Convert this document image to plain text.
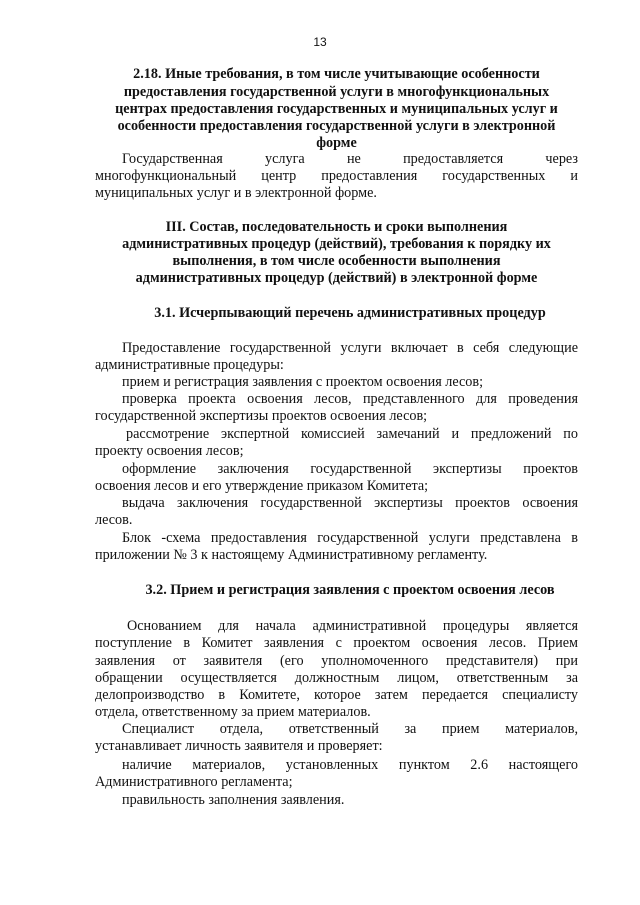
13
2.18. Иные требования, в том числе учитывающие особенности
предоставления государственной услуги в многофункциональных
центрах предоставления государственных и муниципальных услуг и
особенности предоставления государственной услуги в электронной
форме
Государственная услуга не предоставляется через
многофункциональный центр предоставления государственных и
муниципальных услуг и в электронной форме.
III. Состав, последовательность и сроки выполнения
административных процедур (действий), требования к порядку их
выполнения, в том числе особенности выполнения
административных процедур (действий) в электронной форме
3.1. Исчерпывающий перечень административных процедур
Предоставление государственной услуги включает в себя следующие
административные процедуры:
прием и регистрация заявления с проектом освоения лесов;
проверка проекта освоения лесов, представленного для проведения
государственной экспертизы проектов освоения лесов;
рассмотрение экспертной комиссией замечаний и предложений по
проекту освоения лесов;
оформление заключения государственной экспертизы проектов
освоения лесов и его утверждение приказом Комитета;
выдача заключения государственной экспертизы проектов освоения
лесов.
Блок -схема предоставления государственной услуги представлена в
приложении № 3 к настоящему Административному регламенту.
3.2. Прием и регистрация заявления с проектом освоения лесов
Основанием для начала административной процедуры является
поступление в Комитет заявления с проектом освоения лесов. Прием
заявления от заявителя (его уполномоченного представителя) при
обращении осуществляется должностным лицом, ответственным за
делопроизводство в Комитете, которое затем передается специалисту
отдела, ответственному за прием материалов.
Специалист отдела, ответственный за прием материалов,
устанавливает личность заявителя и проверяет:
наличие материалов, установленных пунктом 2.6 настоящего
Административного регламента;
правильность заполнения заявления.
